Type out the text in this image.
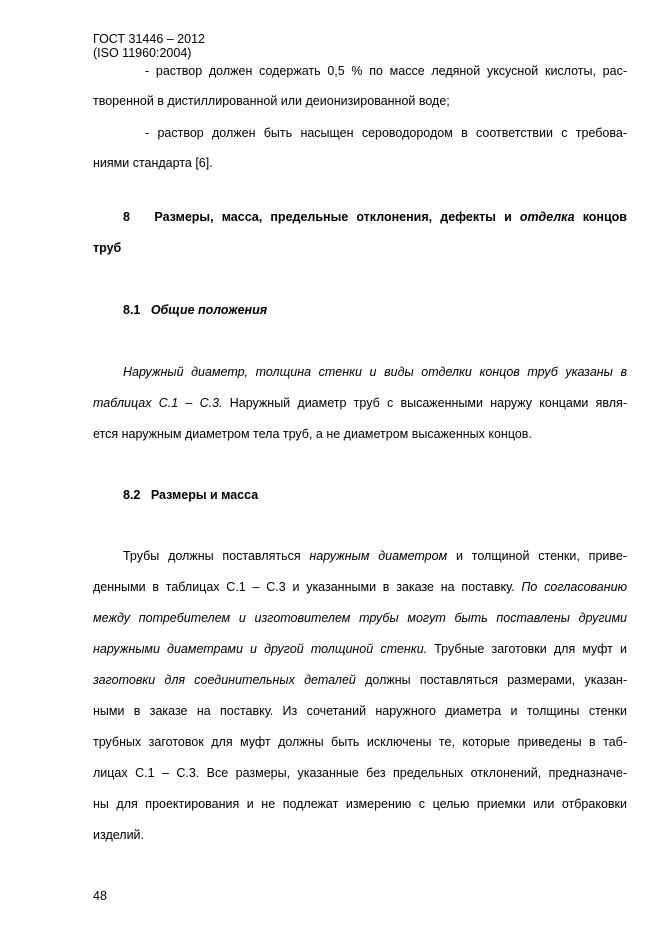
ГОСТ 31446 – 2012
(ISO 11960:2004)
- раствор должен содержать 0,5 % по массе ледяной уксусной кислоты, рас-
творенной в дистиллированной или деионизированной воде;
- раствор должен быть насыщен сероводородом в соответствии с требова-
ниями стандарта [6].
8 Размеры, масса, предельные отклонения, дефекты и отделка концов
труб
8.1 Общие положения
Наружный диаметр, толщина стенки и виды отделки концов труб указаны в
таблицах С.1 – С.3. Наружный диаметр труб с высаженными наружу концами явля-
ется наружным диаметром тела труб, а не диаметром высаженных концов.
8.2 Размеры и масса
Трубы должны поставляться наружным диаметром и толщиной стенки, приве-
денными в таблицах С.1 – С.3 и указанными в заказе на поставку. По согласованию
между потребителем и изготовителем трубы могут быть поставлены другими
наружными диаметрами и другой толщиной стенки. Трубные заготовки для муфт и
заготовки для соединительных деталей должны поставляться размерами, указан-
ными в заказе на поставку. Из сочетаний наружного диаметра и толщины стенки
трубных заготовок для муфт должны быть исключены те, которые приведены в таб-
лицах С.1 – С.3. Все размеры, указанные без предельных отклонений, предназначе-
ны для проектирования и не подлежат измерению с целью приемки или отбраковки
изделий.
48
